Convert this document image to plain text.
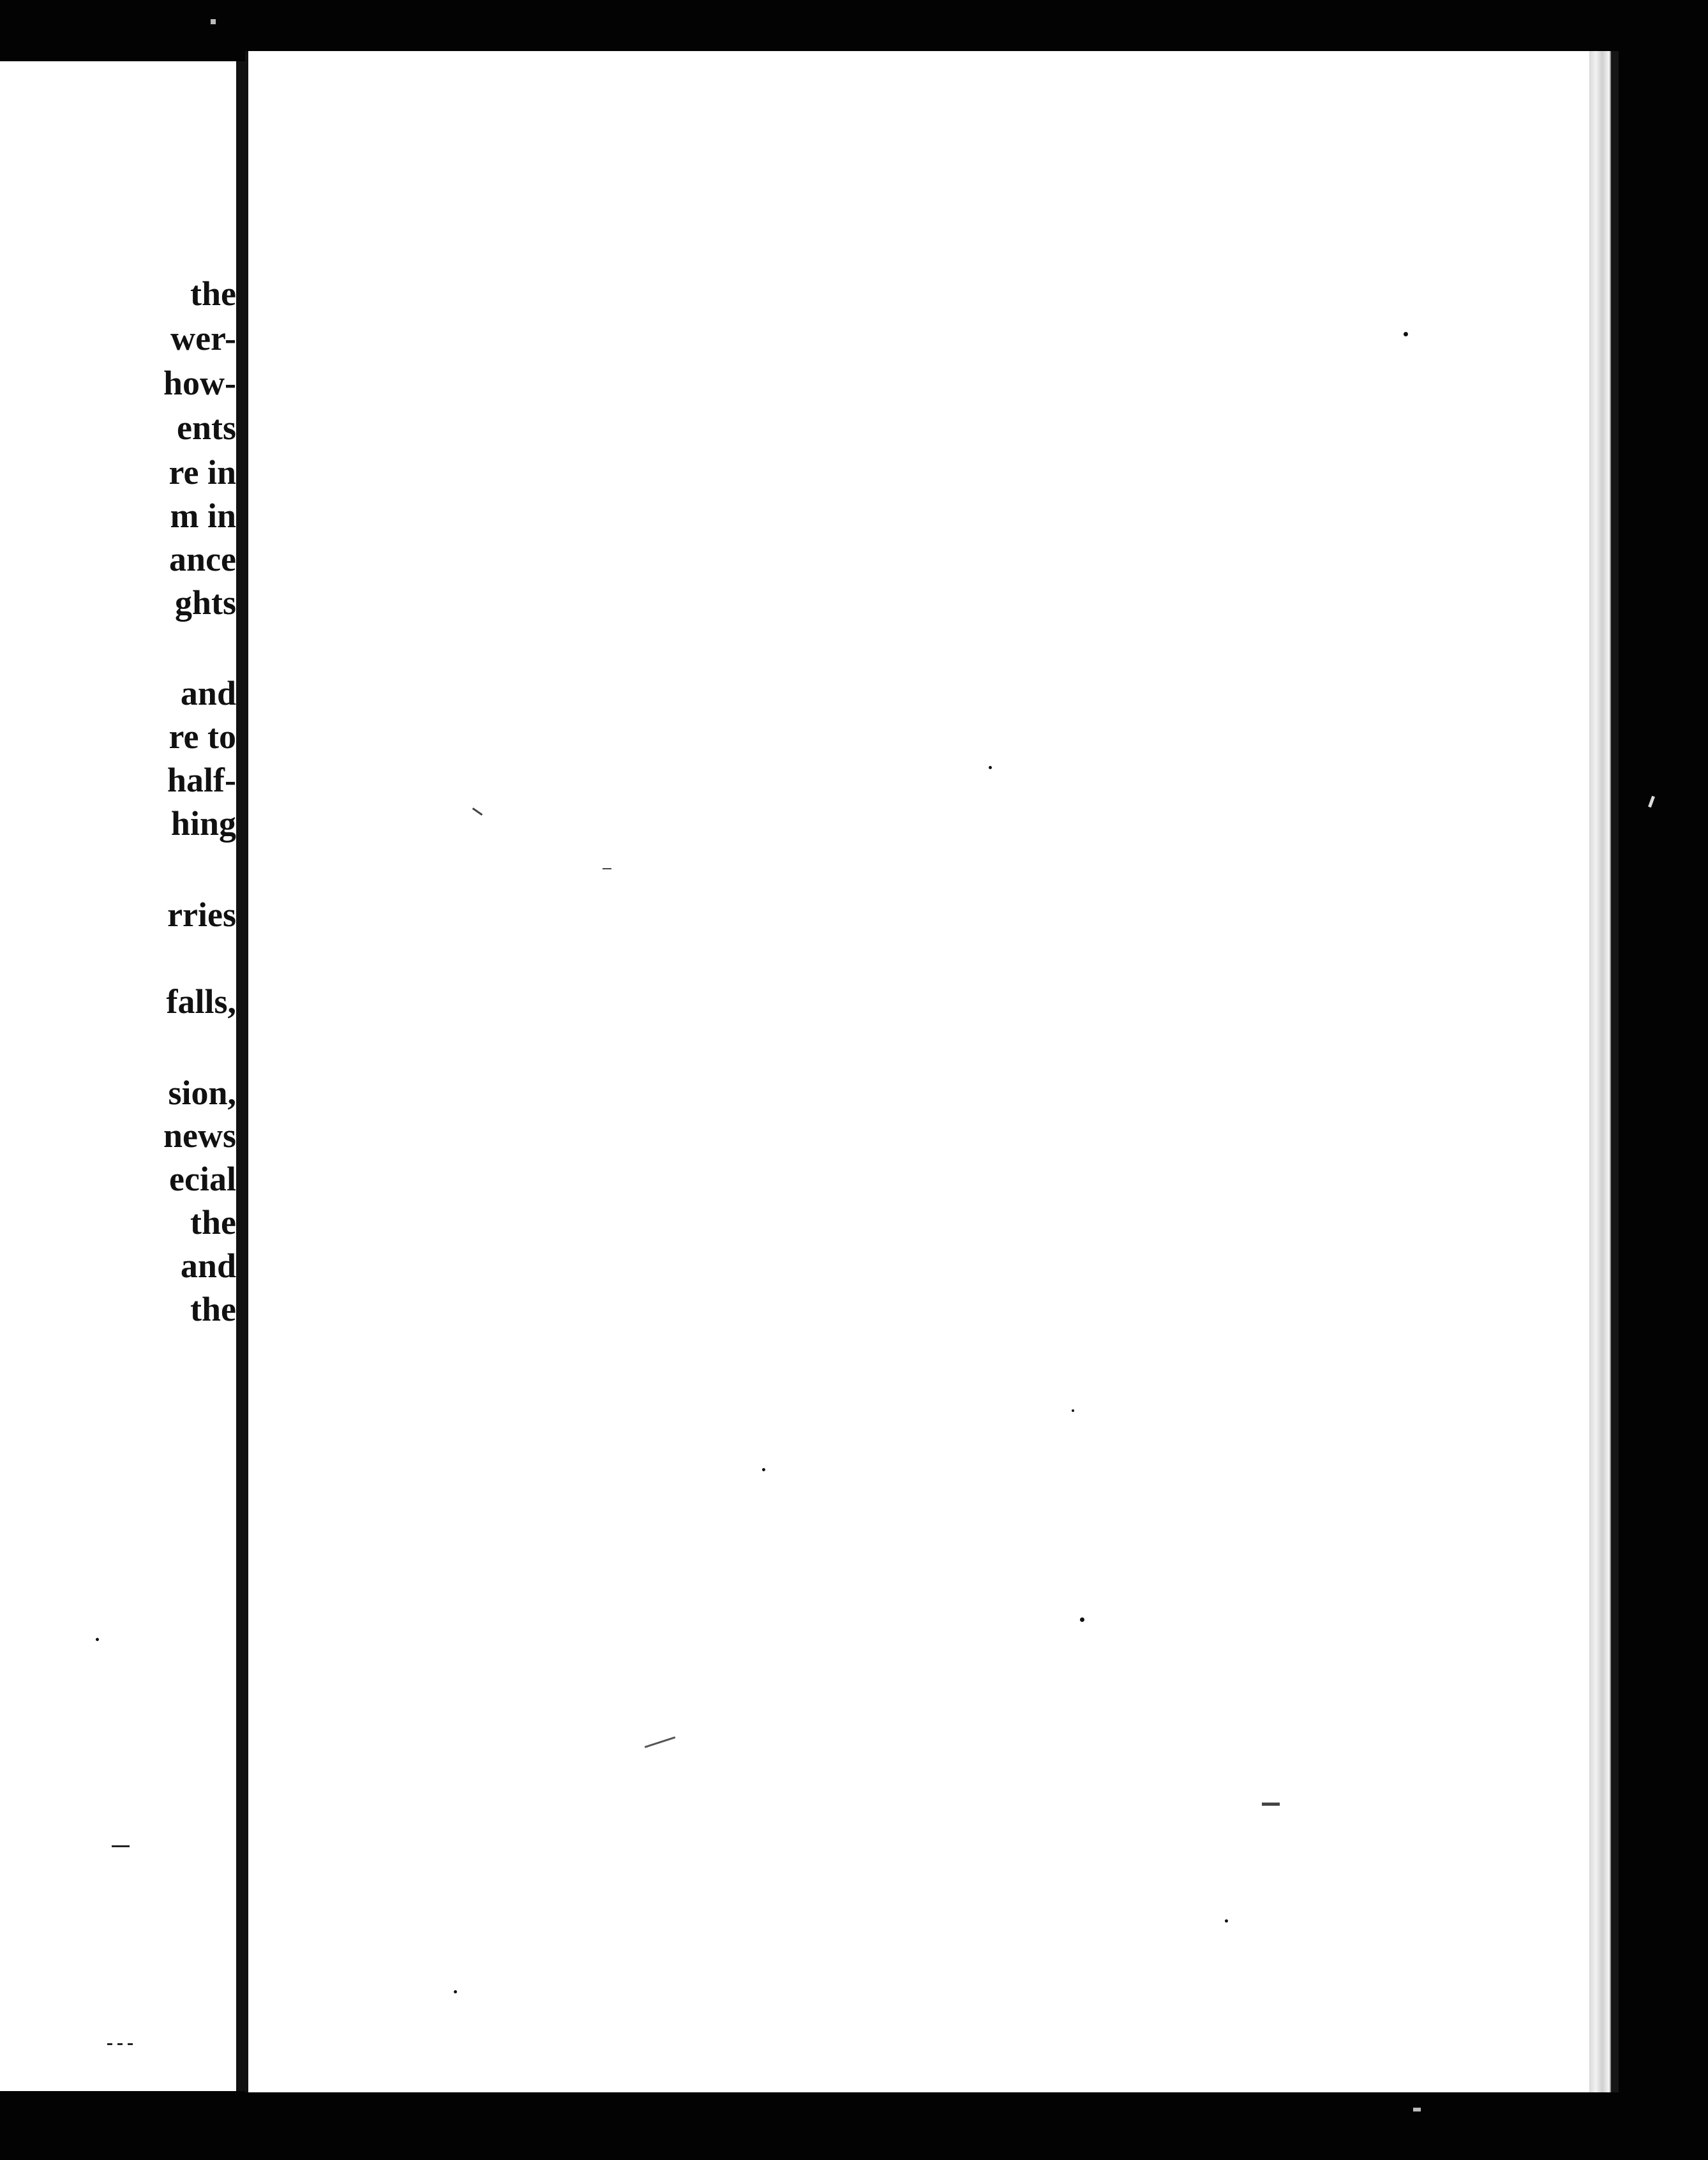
the
wer-
how-
ents
re in
m in
ance
ghts
and
re to
half-
hing
rries
falls,
sion,
news
ecial
the
and
the
